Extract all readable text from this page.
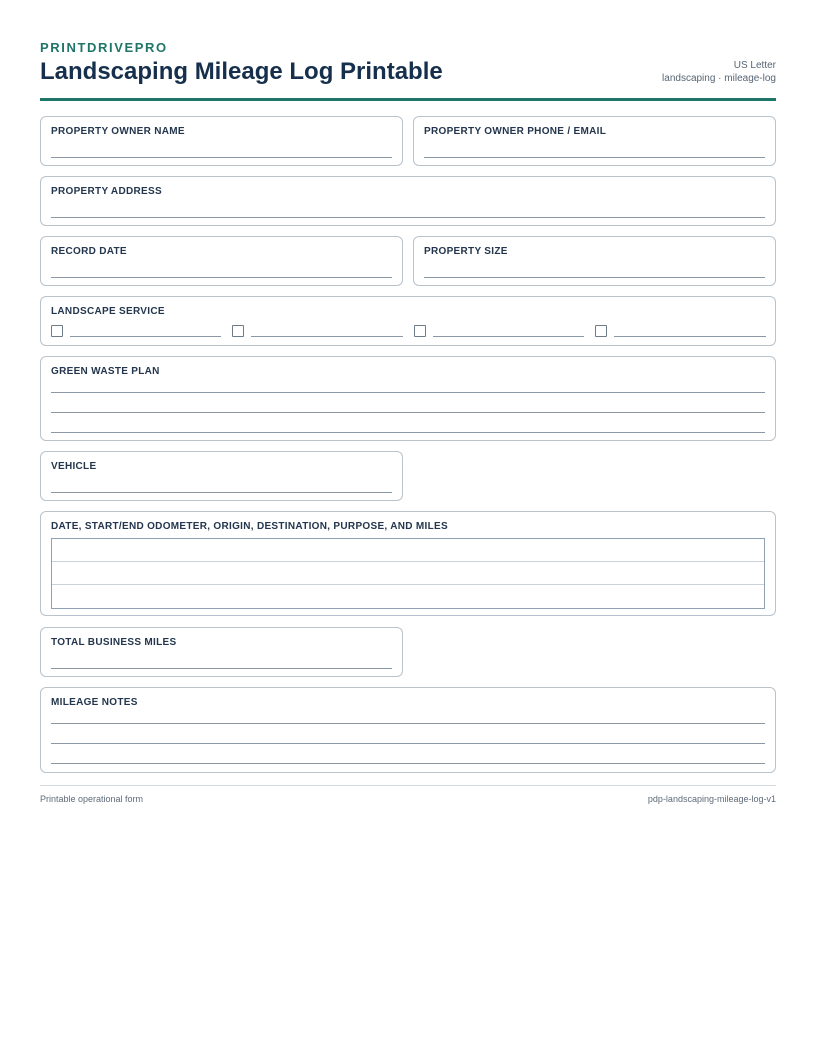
PRINTDRIVEPRO
Landscaping Mileage Log Printable	US Letter
landscaping · mileage-log
PROPERTY OWNER NAME	PROPERTY OWNER PHONE / EMAIL
PROPERTY ADDRESS
RECORD DATE	PROPERTY SIZE
LANDSCAPE SERVICE
GREEN WASTE PLAN
VEHICLE
DATE, START/END ODOMETER, ORIGIN, DESTINATION, PURPOSE, AND MILES
TOTAL BUSINESS MILES
MILEAGE NOTES
Printable operational form	pdp-landscaping-mileage-log-v1
